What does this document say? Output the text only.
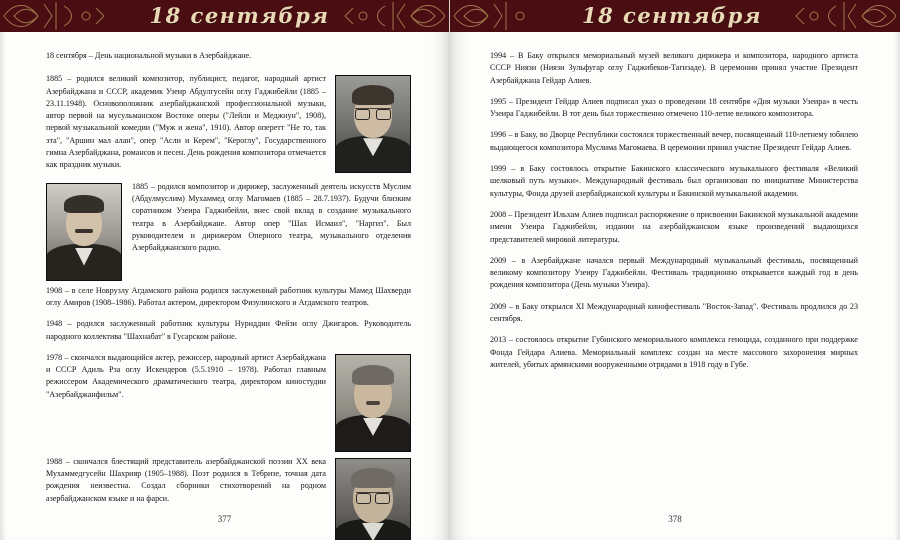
18 сентября

18 сентября – День национальной музыки в Азербайджане.

1885 – родился великий композитор, публицист, педагог, народный артист Азербайджана и СССР, академик Узеир Абдулгусейн оглу Гаджибейли (1885 – 23.11.1948). Основоположник азербайджанской профессиональной музыки, автор первой на мусульманском Востоке оперы ("Лейли и Меджнун", 1908), первой музыкальной комедии ("Муж и жена", 1910). Автор оперетт "Не то, так эта", "Аршин мал алан", опер "Асли и Керем", "Кероглу", Государственного гимна Азербайджана, романсов и песен. День рождения композитора отмечается как праздник музыки.

1885 – родился композитор и дирижер, заслуженный деятель искусств Муслим (Абдулмуслим) Мухаммед оглу Магомаев (1885 – 28.7.1937). Будучи близким соратником Узеира Гаджибейли, внес свой вклад в создание музыкального театра в Азербайджане. Автор опер "Шах Исмаил", "Наргиз". Был руководителем и дирижером Оперного театра, музыкального отделения Азербайджанского радио.

1908 – в селе Новрузлу Агдамского района родился заслуженный работник культуры Мамед Шахверди оглу Амиров (1908–1986). Работал актером, директором Физулинского и Агдамского театров.

1948 – родился заслуженный работник культуры Нуриддин Фейзи оглу Джигаров. Руководитель народного коллектива "Шахнабат" в Гусарском районе.

1978 – скончался выдающийся актер, режиссер, народный артист Азербайджана и СССР Адиль Рза оглу Искендеров (5.5.1910 – 1978). Работал главным режиссером Академического драматического театра, директором киностудии "Азербайджанфильм".

1988 – скончался блестящий представитель азербайджанской поэзии ХХ века Мухаммедгусейн Шахрияр (1905–1988). Поэт родился в Тебризе, точная дата рождения неизвестна. Создал сборники стихотворений на родном азербайджанском языке и на фарси.

377
18 сентября

1994 – В Баку открылся мемориальный музей великого дирижера и композитора, народного артиста СССР Ниязи (Ниязи Зульфугар оглу Гаджибеков-Тагизаде). В церемонии принял участие Президент Азербайджана Гейдар Алиев.

1995 – Президент Гейдар Алиев подписал указ о проведении 18 сентября «Дня музыки Узеира» в честь Узеира Гаджибейли. В тот день был торжественно отмечено 110-летие великого композитора.

1996 – в Баку, во Дворце Республики состоялся торжественный вечер, посвященный 110-летнему юбилею выдающегося композитора Муслима Магомаева. В церемонии принял участие Президент Гейдар Алиев.

1999 – в Баку состоялось открытие Бакинского классического музыкального фестиваля «Великий шелковый путь музыки». Международный фестиваль был организован по инициативе Министерства культуры, Фонда друзей азербайджанской культуры и Бакинской музыкальной академии.

2008 – Президент Ильхам Алиев подписал распоряжение о присвоении Бакинской музыкальной академии имени Узеира Гаджибейли, издании на азербайджанском языке произведений выдающихся представителей мировой литературы.

2009 – в Азербайджане начался первый Международный музыкальный фестиваль, посвященный великому композитору Узеиру Гаджибейли. Фестиваль традиционно открывается каждый год в день рождения композитора (День музыки Узеира).

2009 – в Баку открылся XI Международный кинофестиваль "Восток-Запад". Фестиваль продлился до 23 сентября.

2013 – состоялось открытие Губинского мемориального комплекса геноцида, созданного при поддержке Фонда Гейдара Алиева. Мемориальный комплекс создан на месте массового захоронения мирных жителей, убитых армянскими вооруженными отрядами в 1918 году в Губе.

378
